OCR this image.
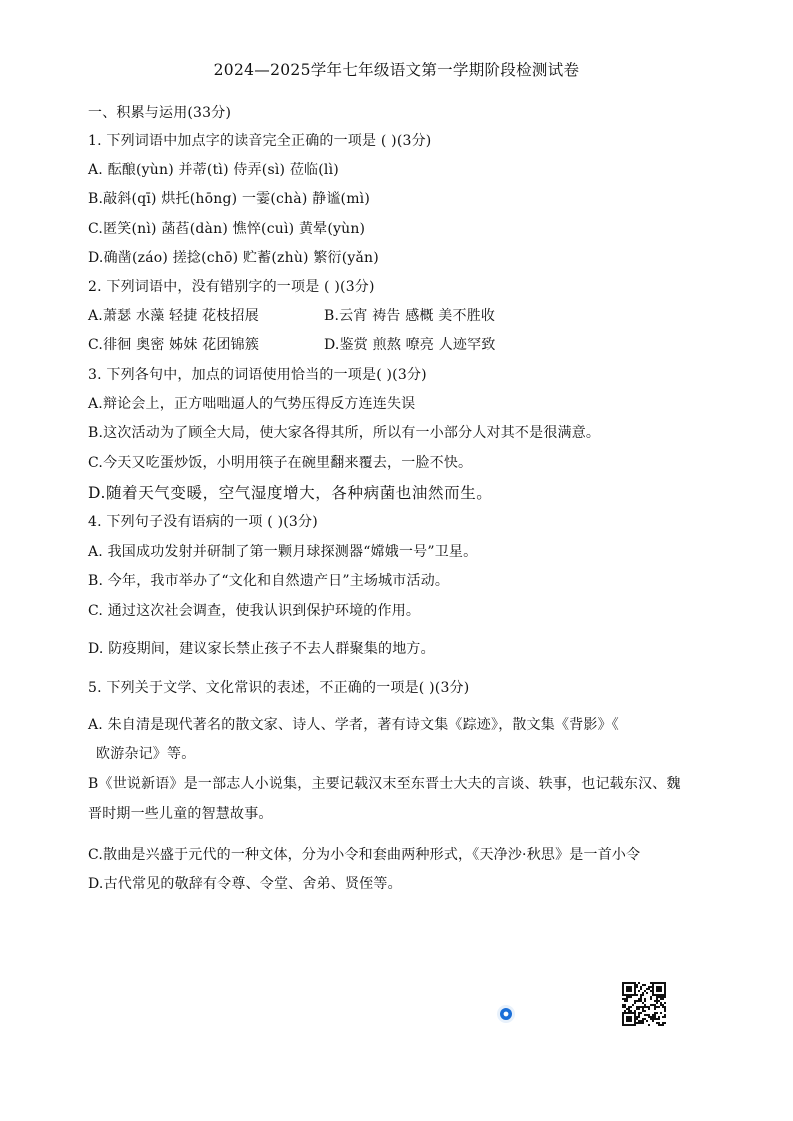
2024—2025学年七年级语文第一学期阶段检测试卷
一、积累与运用(33分)
1. 下列词语中加点字的读音完全正确的一项是 ( )(3分)
A. 酝酿(yùn) 并蒂(tì) 侍弄(sì) 莅临(lì)
B.敲斜(qī) 烘托(hōng) 一霎(chà) 静谧(mì)
C.匿笑(nì) 菡萏(dàn) 憔悴(cuì) 黄晕(yùn)
D.确凿(záo) 搓捻(chō) 贮蓄(zhù) 繁衍(yǎn)
2. 下列词语中，没有错别字的一项是 ( )(3分)
A.萧瑟 水藻 轻捷 花枝招展	B.云宵 祷告 感概 美不胜收
C.徘徊 奥密 姊妹 花团锦簇	D.鉴赏 煎熬 嘹亮 人迹罕致
3. 下列各句中，加点的词语使用恰当的一项是( )(3分)
A.辩论会上，正方咄咄逼人的气势压得反方连连失误
B.这次活动为了顾全大局，使大家各得其所，所以有一小部分人对其不是很满意。
C.今天又吃蛋炒饭，小明用筷子在碗里翻来覆去，一脸不快。
D.随着天气变暖，空气湿度增大，各种病菌也油然而生。
4. 下列句子没有语病的一项 ( )(3分)
A. 我国成功发射并研制了第一颗月球探测器“嫦娥一号”卫星。
B. 今年，我市举办了“文化和自然遗产日”主场城市活动。
C. 通过这次社会调查，使我认识到保护环境的作用。
D. 防疫期间，建议家长禁止孩子不去人群聚集的地方。
5. 下列关于文学、文化常识的表述，不正确的一项是( )(3分)
A. 朱自清是现代著名的散文家、诗人、学者，著有诗文集《踪迹》，散文集《背影》《
欧游杂记》等。
B《世说新语》是一部志人小说集，主要记载汉末至东晋士大夫的言谈、轶事，也记载东汉、魏
晋时期一些儿童的智慧故事。
C.散曲是兴盛于元代的一种文体，分为小令和套曲两种形式，《天净沙·秋思》是一首小令
D.古代常见的敬辞有令尊、令堂、舍弟、贤侄等。
